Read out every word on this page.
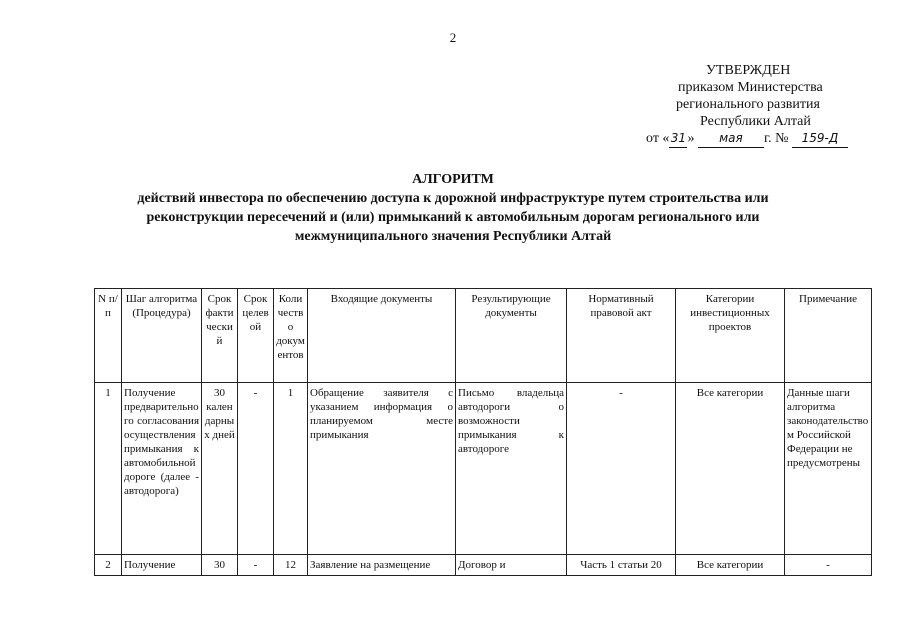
2
УТВЕРЖДЕН
приказом Министерства
регионального развития
Республики Алтай
от «31» мая г. № 159-Д
АЛГОРИТМ
действий инвестора по обеспечению доступа к дорожной инфраструктуре путем строительства или реконструкции пересечений и (или) примыканий к автомобильным дорогам регионального или межмуниципального значения Республики Алтай
N п/п	Шаг алгоритма (Процедура)	Срок фактический	Срок целевой	Количество документов	Входящие документы	Результирующие документы	Нормативный правовой акт	Категории инвестиционных проектов	Примечание
1	Получение предварительного согласования осуществления примыкания к автомобильной дороге (далее - автодорога)	30 календарных дней	-	1	Обращение заявителя с указанием информация о планируемом месте примыкания	Письмо владельца автодороги о возможности примыкания к автодороге	-	Все категории	Данные шаги алгоритма законодательством Российской Федерации не предусмотрены
2	Получение	30	-	12	Заявление на размещение	Договор и	Часть 1 статьи 20	Все категории	-
